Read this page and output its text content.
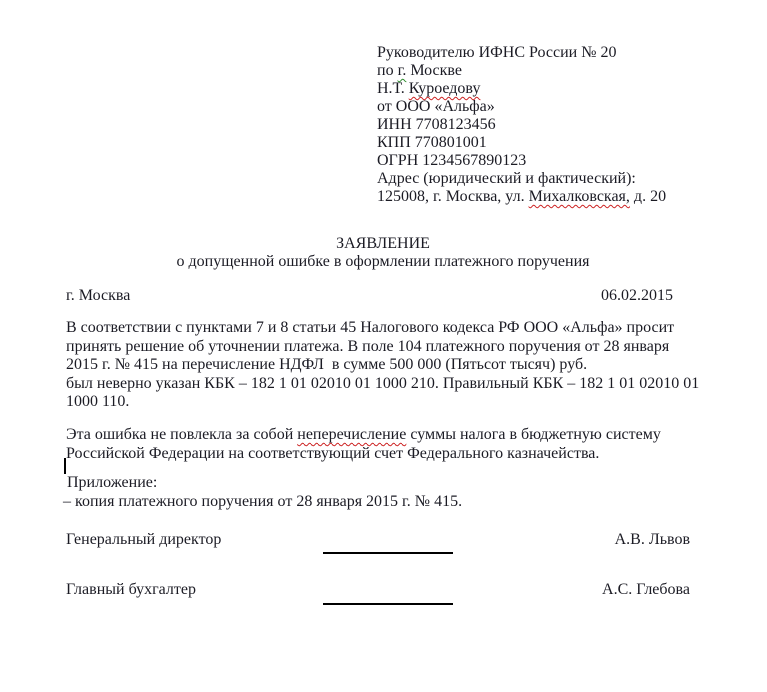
Руководителю ИФНС России № 20
по г. Москве
Н.Т. Куроедову
от ООО «Альфа»
ИНН 7708123456
КПП 770801001
ОГРН 1234567890123
Адрес (юридический и фактический):
125008, г. Москва, ул. Михалковская, д. 20
ЗАЯВЛЕНИЕ
о допущенной ошибке в оформлении платежного поручения
г. Москва	06.02.2015
В соответствии с пунктами 7 и 8 статьи 45 Налогового кодекса РФ ООО «Альфа» просит
принять решение об уточнении платежа. В поле 104 платежного поручения от 28 января
2015 г. № 415 на перечисление НДФЛ  в сумме 500 000 (Пятьсот тысяч) руб.
был неверно указан КБК – 182 1 01 02010 01 1000 210. Правильный КБК – 182 1 01 02010 01
1000 110.
Эта ошибка не повлекла за собой неперечисление суммы налога в бюджетную систему
Российской Федерации на соответствующий счет Федерального казначейства.
Приложение:
– копия платежного поручения от 28 января 2015 г. № 415.
Генеральный директор	А.В. Львов
Главный бухгалтер	А.С. Глебова
